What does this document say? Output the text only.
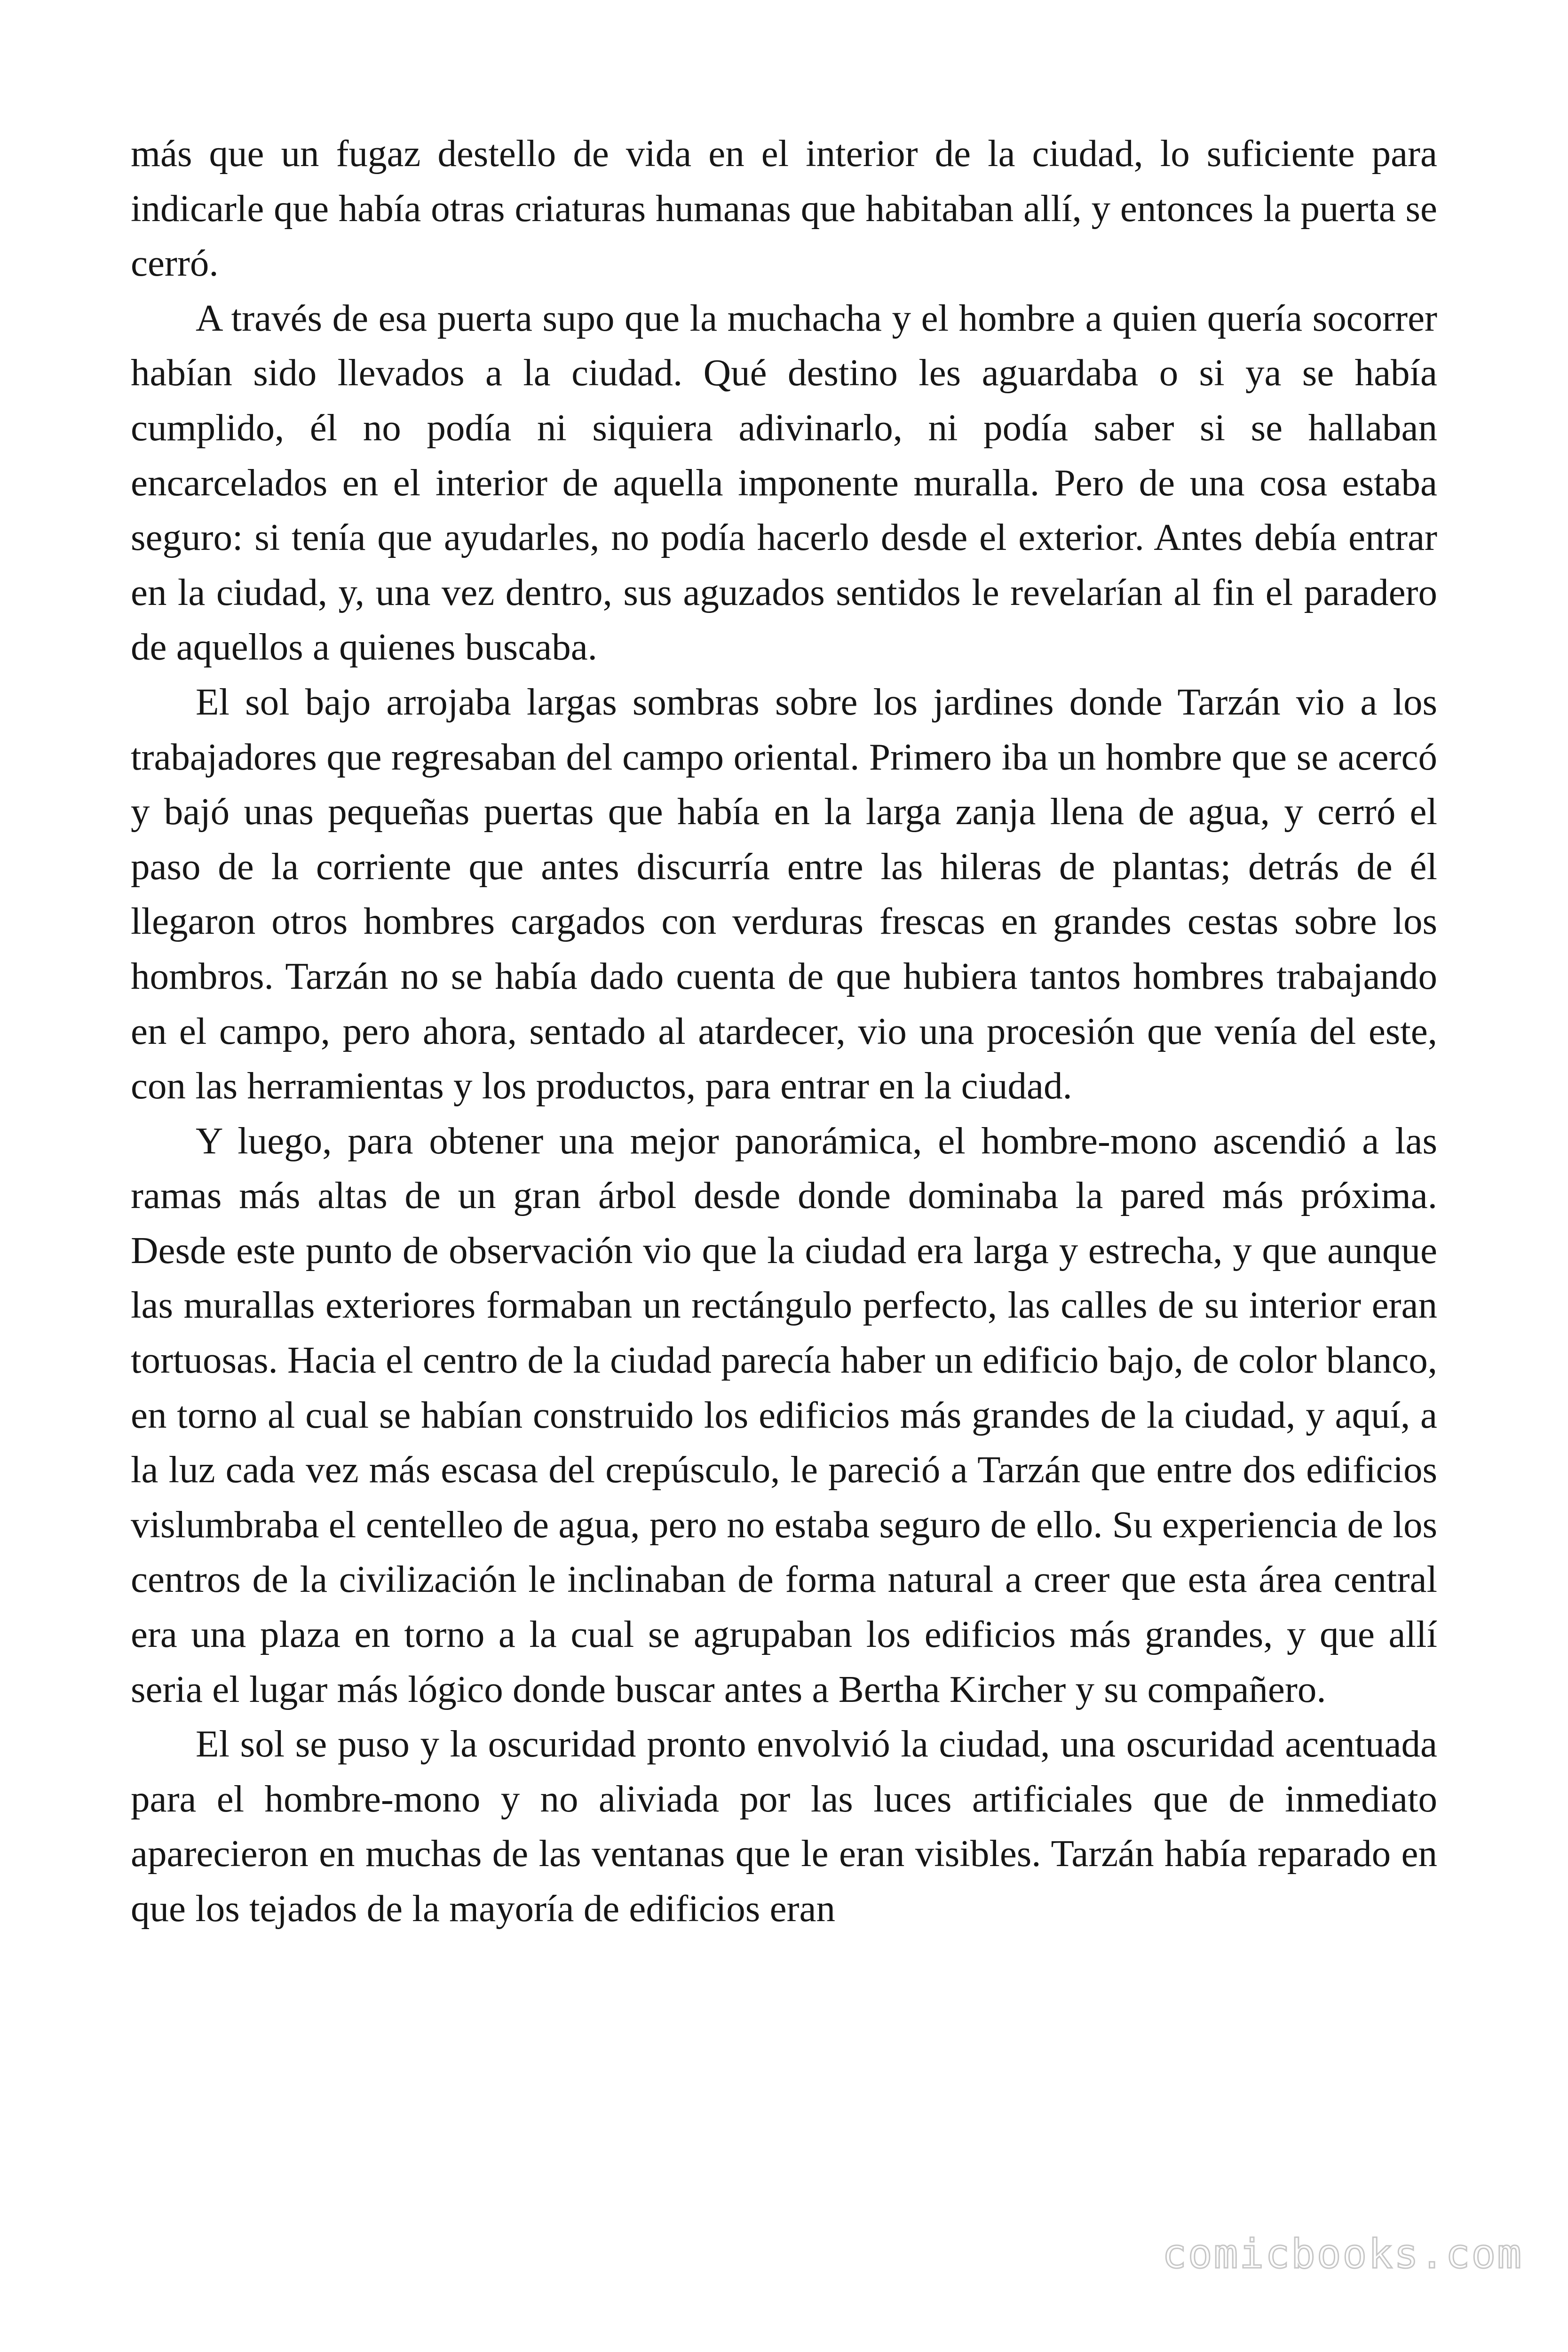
más que un fugaz destello de vida en el interior de la ciudad, lo suficiente para indicarle que había otras criaturas humanas que habitaban allí, y entonces la puerta se cerró.

A través de esa puerta supo que la muchacha y el hombre a quien quería socorrer habían sido llevados a la ciudad. Qué destino les aguardaba o si ya se había cumplido, él no podía ni siquiera adivinarlo, ni podía saber si se hallaban encarcelados en el interior de aquella imponente muralla. Pero de una cosa estaba seguro: si tenía que ayudarles, no podía hacerlo desde el exterior. Antes debía entrar en la ciudad, y, una vez dentro, sus aguzados sentidos le revelarían al fin el paradero de aquellos a quienes buscaba.

El sol bajo arrojaba largas sombras sobre los jardines donde Tarzán vio a los trabajadores que regresaban del campo oriental. Primero iba un hombre que se acercó y bajó unas pequeñas puertas que había en la larga zanja llena de agua, y cerró el paso de la corriente que antes discurría entre las hileras de plantas; detrás de él llegaron otros hombres cargados con verduras frescas en grandes cestas sobre los hombros. Tarzán no se había dado cuenta de que hubiera tantos hombres trabajando en el campo, pero ahora, sentado al atardecer, vio una procesión que venía del este, con las herramientas y los productos, para entrar en la ciudad.

Y luego, para obtener una mejor panorámica, el hombre-mono ascendió a las ramas más altas de un gran árbol desde donde dominaba la pared más próxima. Desde este punto de observación vio que la ciudad era larga y estrecha, y que aunque las murallas exteriores formaban un rectángulo perfecto, las calles de su interior eran tortuosas. Hacia el centro de la ciudad parecía haber un edificio bajo, de color blanco, en torno al cual se habían construido los edificios más grandes de la ciudad, y aquí, a la luz cada vez más escasa del crepúsculo, le pareció a Tarzán que entre dos edificios vislumbraba el centelleo de agua, pero no estaba seguro de ello. Su experiencia de los centros de la civilización le inclinaban de forma natural a creer que esta área central era una plaza en torno a la cual se agrupaban los edificios más grandes, y que allí seria el lugar más lógico donde buscar antes a Bertha Kircher y su compañero.

El sol se puso y la oscuridad pronto envolvió la ciudad, una oscuridad acentuada para el hombre-mono y no aliviada por las luces artificiales que de inmediato aparecieron en muchas de las ventanas que le eran visibles. Tarzán había reparado en que los tejados de la mayoría de edificios eran

comicbooks.com
